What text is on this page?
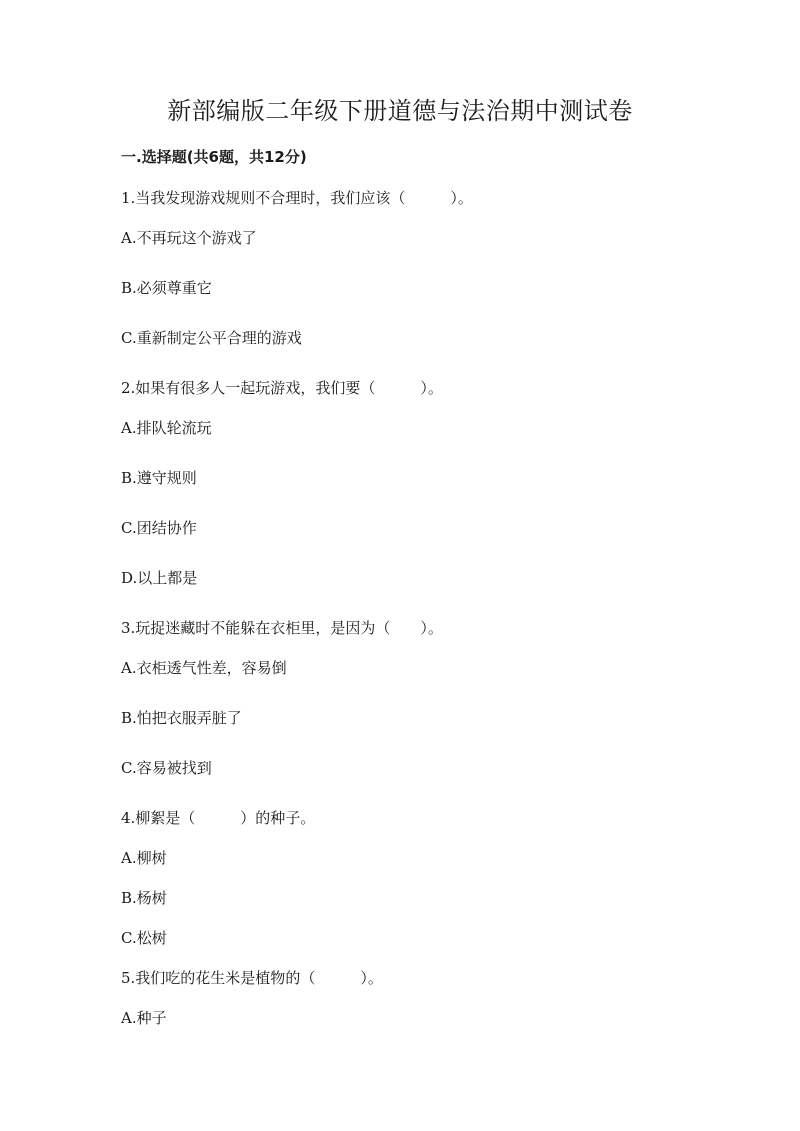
新部编版二年级下册道德与法治期中测试卷
一.选择题(共6题，共12分)
1.当我发现游戏规则不合理时，我们应该（　　　）。
A.不再玩这个游戏了
B.必须尊重它
C.重新制定公平合理的游戏
2.如果有很多人一起玩游戏，我们要（　　　）。
A.排队轮流玩
B.遵守规则
C.团结协作
D.以上都是
3.玩捉迷藏时不能躲在衣柜里，是因为（　　）。
A.衣柜透气性差，容易倒
B.怕把衣服弄脏了
C.容易被找到
4.柳絮是（　　　）的种子。
A.柳树
B.杨树
C.松树
5.我们吃的花生米是植物的（　　　）。
A.种子
